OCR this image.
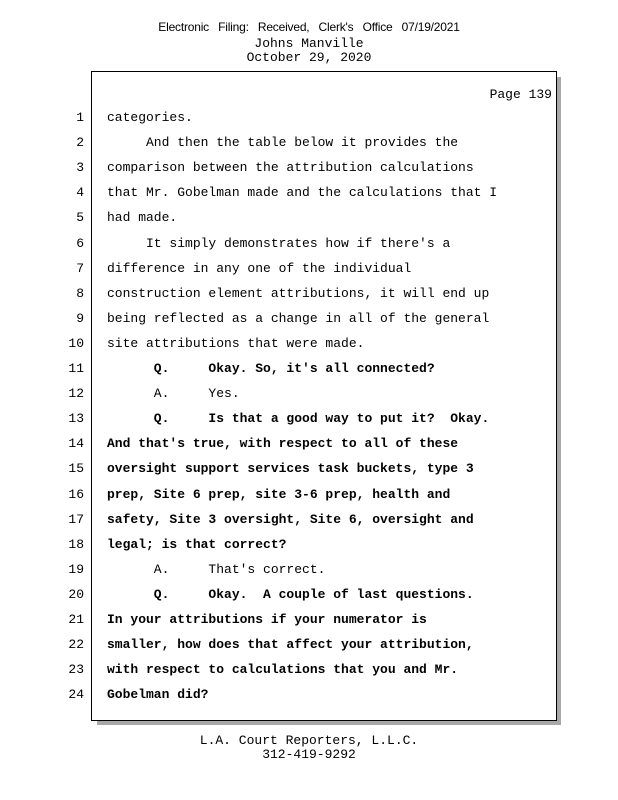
Electronic Filing: Received, Clerk's Office 07/19/2021
Johns Manville
October 29, 2020
Page 139
1 categories.
2 And then the table below it provides the
3 comparison between the attribution calculations
4 that Mr. Gobelman made and the calculations that I
5 had made.
6 It simply demonstrates how if there's a
7 difference in any one of the individual
8 construction element attributions, it will end up
9 being reflected as a change in all of the general
10 site attributions that were made.
11 Q.     Okay. So, it's all connected?
12 A.     Yes.
13 Q.     Is that a good way to put it?  Okay.
14 And that's true, with respect to all of these
15 oversight support services task buckets, type 3
16 prep, Site 6 prep, site 3-6 prep, health and
17 safety, Site 3 oversight, Site 6, oversight and
18 legal; is that correct?
19 A.     That's correct.
20 Q.     Okay.  A couple of last questions.
21 In your attributions if your numerator is
22 smaller, how does that affect your attribution,
23 with respect to calculations that you and Mr.
24 Gobelman did?
L.A. Court Reporters, L.L.C.
312-419-9292
